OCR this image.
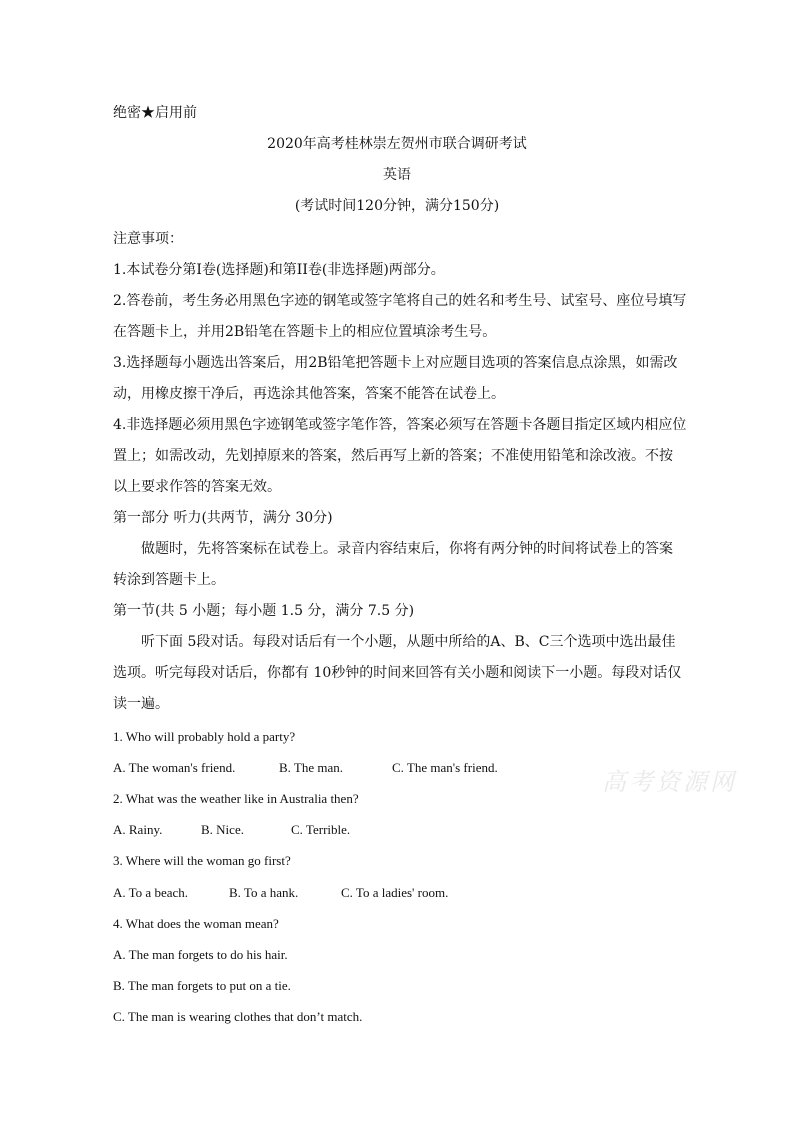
绝密★启用前
2020年高考桂林崇左贺州市联合调研考试
英语
(考试时间120分钟，满分150分)
注意事项：
1.本试卷分第I卷(选择题)和第II卷(非选择题)两部分。
2.答卷前，考生务必用黑色字迹的钢笔或签字笔将自己的姓名和考生号、试室号、座位号填写
在答题卡上，并用2B铅笔在答题卡上的相应位置填涂考生号。
3.选择题每小题选出答案后，用2B铅笔把答题卡上对应题目选项的答案信息点涂黑，如需改
动，用橡皮擦干净后，再选涂其他答案，答案不能答在试卷上。
4.非选择题必须用黑色字迹钢笔或签字笔作答，答案必须写在答题卡各题目指定区域内相应位
置上；如需改动，先划掉原来的答案，然后再写上新的答案；不准使用铅笔和涂改液。不按
以上要求作答的答案无效。
第一部分 听力(共两节，满分 30分)
做题时，先将答案标在试卷上。录音内容结束后，你将有两分钟的时间将试卷上的答案
转涂到答题卡上。
第一节(共 5 小题；每小题 1.5 分，满分 7.5 分)
听下面 5段对话。每段对话后有一个小题，从题中所给的A、B、C三个选项中选出最佳
选项。听完每段对话后，你都有 10秒钟的时间来回答有关小题和阅读下一小题。每段对话仅
读一遍。
1. Who will probably hold a party?
A. The woman's friend.	B. The man.	C. The man's friend.
2. What was the weather like in Australia then?
A. Rainy.	B. Nice.	C. Terrible.
3. Where will the woman go first?
A. To a beach.	B. To a hank.	C. To a ladies' room.
4. What does the woman mean?
A. The man forgets to do his hair.
B. The man forgets to put on a tie.
C. The man is wearing clothes that don’t match.
高考资源网
